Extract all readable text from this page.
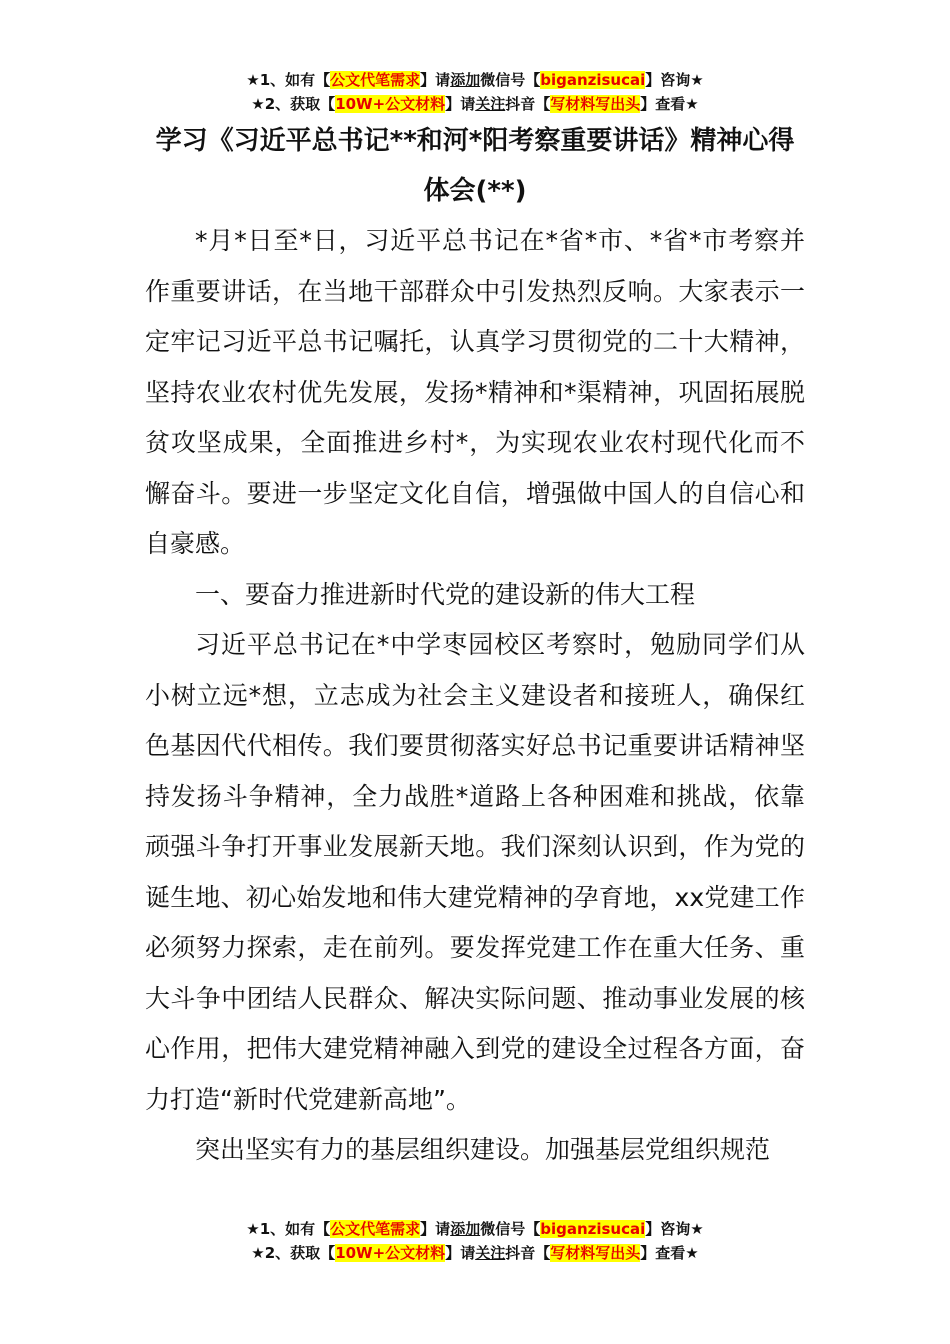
★1、如有【公文代笔需求】请添加微信号【biganzisucai】咨询★
★2、获取【10W+公文材料】请关注抖音【写材料写出头】查看★
学习《习近平总书记**和河*阳考察重要讲话》精神心得体会(**)

*月*日至*日，习近平总书记在*省*市、*省*市考察并作重要讲话，在当地干部群众中引发热烈反响。大家表示一定牢记习近平总书记嘱托，认真学习贯彻党的二十大精神，坚持农业农村优先发展，发扬*精神和*渠精神，巩固拓展脱贫攻坚成果，全面推进乡村*，为实现农业农村现代化而不懈奋斗。要进一步坚定文化自信，增强做中国人的自信心和自豪感。

一、要奋力推进新时代党的建设新的伟大工程

习近平总书记在*中学枣园校区考察时，勉励同学们从小树立远*想，立志成为社会主义建设者和接班人，确保红色基因代代相传。我们要贯彻落实好总书记重要讲话精神坚持发扬斗争精神，全力战胜*道路上各种困难和挑战，依靠顽强斗争打开事业发展新天地。我们深刻认识到，作为党的诞生地、初心始发地和伟大建党精神的孕育地，xx党建工作必须努力探索，走在前列。要发挥党建工作在重大任务、重大斗争中团结人民群众、解决实际问题、推动事业发展的核心作用，把伟大建党精神融入到党的建设全过程各方面，奋力打造“新时代党建新高地”。

突出坚实有力的基层组织建设。加强基层党组织规范

★1、如有【公文代笔需求】请添加微信号【biganzisucai】咨询★
★2、获取【10W+公文材料】请关注抖音【写材料写出头】查看★
